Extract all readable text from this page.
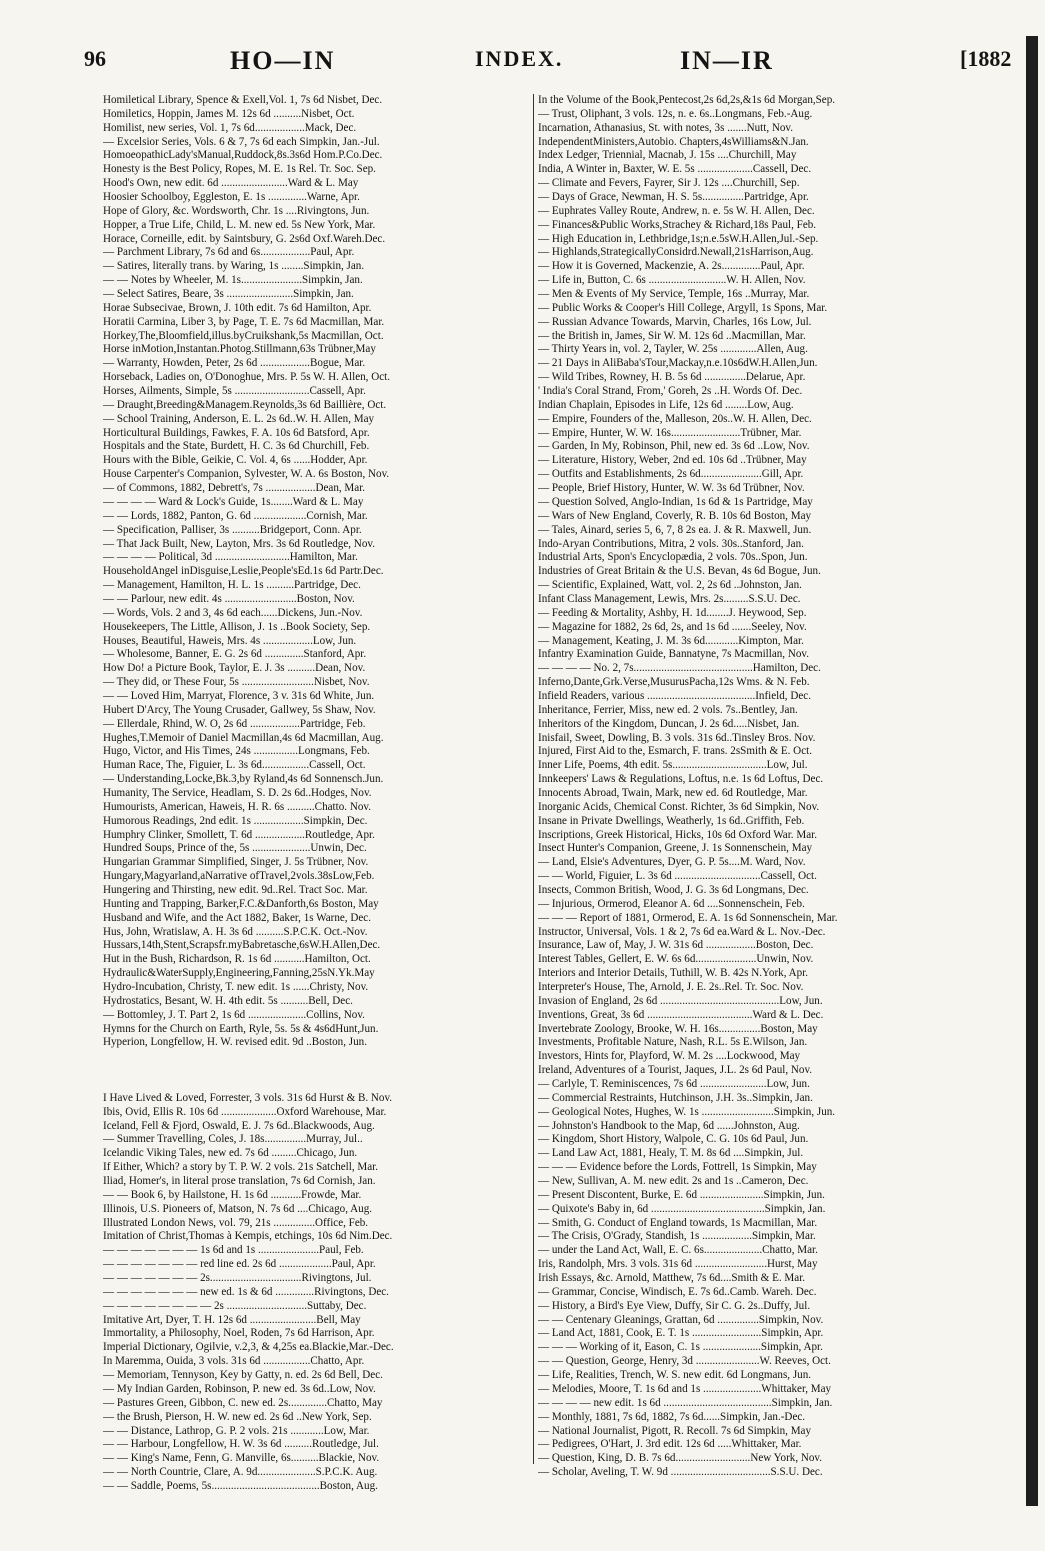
96	HO—IN	INDEX.	IN—IR	[1882
Homiletical Library, Spence & Exell,Vol. 1, 7s 6d Nisbet, Dec.
Homiletics, Hoppin, James M. 12s 6d ..........Nisbet, Oct.
Homilist, new series, Vol. 1, 7s 6d..................Mack, Dec.
— Excelsior Series, Vols. 6 & 7, 7s 6d each Simpkin, Jan.-Jul.
HomoeopathicLady'sManual,Ruddock,8s.3s6d Hom.P.Co.Dec.
Honesty is the Best Policy, Ropes, M. E. 1s Rel. Tr. Soc. Sep.
Hood's Own, new edit. 6d ........................Ward & L. May
Hoosier Schoolboy, Eggleston, E. 1s ..............Warne, Apr.
Hope of Glory, &c. Wordsworth, Chr. 1s ....Rivingtons, Jun.
Hopper, a True Life, Child, L. M. new ed. 5s New York, Mar.
Horace, Corneille, edit. by Saintsbury, G. 2s6d Oxf.Wareh.Dec.
— Parchment Library, 7s 6d and 6s..................Paul, Apr.
— Satires, literally trans. by Waring, 1s ........Simpkin, Jan.
— — Notes by Wheeler, M. 1s......................Simpkin, Jan.
— Select Satires, Beare, 3s ........................Simpkin, Jan.
Horae Subsecivae, Brown, J. 10th edit. 7s 6d Hamilton, Apr.
Horatii Carmina, Liber 3, by Page, T. E. 7s 6d Macmillan, Mar.
Horkey,The,Bloomfield,illus.byCruikshank,5s Macmillan, Oct.
Horse inMotion,Instantan.Photog.Stillmann,63s Trübner,May
— Warranty, Howden, Peter, 2s 6d ..................Bogue, Mar.
Horseback, Ladies on, O'Donoghue, Mrs. P. 5s W. H. Allen, Oct.
Horses, Ailments, Simple, 5s ...........................Cassell, Apr.
— Draught,Breeding&Managem.Reynolds,3s 6d Baillière, Oct.
— School Training, Anderson, E. L. 2s 6d..W. H. Allen, May
Horticultural Buildings, Fawkes, F. A. 10s 6d Batsford, Apr.
Hospitals and the State, Burdett, H. C. 3s 6d Churchill, Feb.
Hours with the Bible, Geikie, C. Vol. 4, 6s ......Hodder, Apr.
House Carpenter's Companion, Sylvester, W. A. 6s Boston, Nov.
— of Commons, 1882, Debrett's, 7s ..................Dean, Mar.
— — — — Ward & Lock's Guide, 1s........Ward & L. May
— — Lords, 1882, Panton, G. 6d ...................Cornish, Mar.
— Specification, Palliser, 3s ..........Bridgeport, Conn. Apr.
— That Jack Built, New, Layton, Mrs. 3s 6d Routledge, Nov.
— — — — Political, 3d ...........................Hamilton, Mar.
HouseholdAngel inDisguise,Leslie,People'sEd.1s 6d Partr.Dec.
— Management, Hamilton, H. L. 1s ..........Partridge, Dec.
— — Parlour, new edit. 4s ..........................Boston, Nov.
— Words, Vols. 2 and 3, 4s 6d each......Dickens, Jun.-Nov.
Housekeepers, The Little, Allison, J. 1s ..Book Society, Sep.
Houses, Beautiful, Haweis, Mrs. 4s ..................Low, Jun.
— Wholesome, Banner, E. G. 2s 6d ..............Stanford, Apr.
How Do! a Picture Book, Taylor, E. J. 3s ..........Dean, Nov.
— They did, or These Four, 5s ..........................Nisbet, Nov.
— — Loved Him, Marryat, Florence, 3 v. 31s 6d White, Jun.
Hubert D'Arcy, The Young Crusader, Gallwey, 5s Shaw, Nov.
— Ellerdale, Rhind, W. O, 2s 6d ..................Partridge, Feb.
Hughes,T.Memoir of Daniel Macmillan,4s 6d Macmillan, Aug.
Hugo, Victor, and His Times, 24s ................Longmans, Feb.
Human Race, The, Figuier, L. 3s 6d.................Cassell, Oct.
— Understanding,Locke,Bk.3,by Ryland,4s 6d Sonnensch.Jun.
Humanity, The Service, Headlam, S. D. 2s 6d..Hodges, Nov.
Humourists, American, Haweis, H. R. 6s ..........Chatto. Nov.
Humorous Readings, 2nd edit. 1s ..................Simpkin, Dec.
Humphry Clinker, Smollett, T. 6d ..................Routledge, Apr.
Hundred Soups, Prince of the, 5s .....................Unwin, Dec.
Hungarian Grammar Simplified, Singer, J. 5s Trübner, Nov.
Hungary,Magyarland,aNarrative ofTravel,2vols.38sLow,Feb.
Hungering and Thirsting, new edit. 9d..Rel. Tract Soc. Mar.
Hunting and Trapping, Barker,F.C.&Danforth,6s Boston, May
Husband and Wife, and the Act 1882, Baker, 1s Warne, Dec.
Hus, John, Wratislaw, A. H. 3s 6d ..........S.P.C.K. Oct.-Nov.
Hussars,14th,Stent,Scrapsfr.myBabretasche,6sW.H.Allen,Dec.
Hut in the Bush, Richardson, R. 1s 6d ...........Hamilton, Oct.
Hydraulic&WaterSupply,Engineering,Fanning,25sN.Yk.May
Hydro-Incubation, Christy, T. new edit. 1s ......Christy, Nov.
Hydrostatics, Besant, W. H. 4th edit. 5s ..........Bell, Dec.
— Bottomley, J. T. Part 2, 1s 6d .....................Collins, Nov.
Hymns for the Church on Earth, Ryle, 5s. 5s & 4s6dHunt,Jun.
Hyperion, Longfellow, H. W. revised edit. 9d ..Boston, Jun.
I Have Lived & Loved, Forrester, 3 vols. 31s 6d Hurst & B. Nov.
Ibis, Ovid, Ellis R. 10s 6d ....................Oxford Warehouse, Mar.
Iceland, Fell & Fjord, Oswald, E. J. 7s 6d..Blackwoods, Aug.
— Summer Travelling, Coles, J. 18s...............Murray, Jul..
Icelandic Viking Tales, new ed. 7s 6d .........Chicago, Jun.
If Either, Which? a story by T. P. W. 2 vols. 21s Satchell, Mar.
Iliad, Homer's, in literal prose translation, 7s 6d Cornish, Jan.
— — Book 6, by Hailstone, H. 1s 6d ...........Frowde, Mar.
Illinois, U.S. Pioneers of, Matson, N. 7s 6d ....Chicago, Aug.
Illustrated London News, vol. 79, 21s ...............Office, Feb.
Imitation of Christ,Thomas à Kempis, etchings, 10s 6d Nim.Dec.
— — — — — — — 1s 6d and 1s ......................Paul, Feb.
— — — — — — — red line ed. 2s 6d ...................Paul, Apr.
— — — — — — — 2s.................................Rivingtons, Jul.
— — — — — — — new ed. 1s & 6d ..............Rivingtons, Dec.
— — — — — — — — 2s .............................Suttaby, Dec.
Imitative Art, Dyer, T. H. 12s 6d ........................Bell, May
Immortality, a Philosophy, Noel, Roden, 7s 6d Harrison, Apr.
Imperial Dictionary, Ogilvie, v.2,3, & 4,25s ea.Blackie,Mar.-Dec.
In Maremma, Ouida, 3 vols. 31s 6d .................Chatto, Apr.
— Memoriam, Tennyson, Key by Gatty, n. ed. 2s 6d Bell, Dec.
— My Indian Garden, Robinson, P. new ed. 3s 6d..Low, Nov.
— Pastures Green, Gibbon, C. new ed. 2s..............Chatto, May
— the Brush, Pierson, H. W. new ed. 2s 6d ..New York, Sep.
— — Distance, Lathrop, G. P. 2 vols. 21s ............Low, Mar.
— — Harbour, Longfellow, H. W. 3s 6d ..........Routledge, Jul.
— — King's Name, Fenn, G. Manville, 6s..........Blackie, Nov.
— — North Countrie, Clare, A. 9d.....................S.P.C.K. Aug.
— — Saddle, Poems, 5s.......................................Boston, Aug.
In the Volume of the Book,Pentecost,2s 6d,2s,&1s 6d Morgan,Sep.
— Trust, Oliphant, 3 vols. 12s, n. e. 6s..Longmans, Feb.-Aug.
Incarnation, Athanasius, St. with notes, 3s .......Nutt, Nov.
IndependentMinisters,Autobio. Chapters,4sWilliams&N.Jan.
Index Ledger, Triennial, Macnab, J. 15s ....Churchill, May
India, A Winter in, Baxter, W. E. 5s ....................Cassell, Dec.
— Climate and Fevers, Fayrer, Sir J. 12s ....Churchill, Sep.
— Days of Grace, Newman, H. S. 5s...............Partridge, Apr.
— Euphrates Valley Route, Andrew, n. e. 5s W. H. Allen, Dec.
— Finances&Public Works,Strachey & Richard,18s Paul, Feb.
— High Education in, Lethbridge,1s;n.e.5sW.H.Allen,Jul.-Sep.
— Highlands,StrategicallyConsidrd.Newall,21sHarrison,Aug.
— How it is Governed, Mackenzie, A. 2s..............Paul, Apr.
— Life in, Button, C. 6s ............................W. H. Allen, Nov.
— Men & Events of My Service, Temple, 16s ..Murray, Mar.
— Public Works & Cooper's Hill College, Argyll, 1s Spons, Mar.
— Russian Advance Towards, Marvin, Charles, 16s Low, Jul.
— the British in, James, Sir W. M. 12s 6d ..Macmillan, Mar.
— Thirty Years in, vol. 2, Tayler, W. 25s .............Allen, Aug.
— 21 Days in AliBaba'sTour,Mackay,n.e.10s6dW.H.Allen,Jun.
— Wild Tribes, Rowney, H. B. 5s 6d ...............Delarue, Apr.
' India's Coral Strand, From,' Goreh, 2s ..H. Words Of. Dec.
Indian Chaplain, Episodes in Life, 12s 6d ........Low, Aug.
— Empire, Founders of the, Malleson, 20s..W. H. Allen, Dec.
— Empire, Hunter, W. W. 16s.........................Trübner, Mar.
— Garden, In My, Robinson, Phil, new ed. 3s 6d ..Low, Nov.
— Literature, History, Weber, 2nd ed. 10s 6d ..Trübner, May
— Outfits and Establishments, 2s 6d......................Gill, Apr.
— People, Brief History, Hunter, W. W. 3s 6d Trübner, Nov.
— Question Solved, Anglo-Indian, 1s 6d & 1s Partridge, May
— Wars of New England, Coverly, R. B. 10s 6d Boston, May
— Tales, Ainard, series 5, 6, 7, 8 2s ea. J. & R. Maxwell, Jun.
Indo-Aryan Contributions, Mitra, 2 vols. 30s..Stanford, Jan.
Industrial Arts, Spon's Encyclopædia, 2 vols. 70s..Spon, Jun.
Industries of Great Britain & the U.S. Bevan, 4s 6d Bogue, Jun.
— Scientific, Explained, Watt, vol. 2, 2s 6d ..Johnston, Jan.
Infant Class Management, Lewis, Mrs. 2s.........S.S.U. Dec.
— Feeding & Mortality, Ashby, H. 1d........J. Heywood, Sep.
— Magazine for 1882, 2s 6d, 2s, and 1s 6d .......Seeley, Nov.
— Management, Keating, J. M. 3s 6d............Kimpton, Mar.
Infantry Examination Guide, Bannatyne, 7s Macmillan, Nov.
— — — — No. 2, 7s...........................................Hamilton, Dec.
Inferno,Dante,Grk.Verse,MusurusPacha,12s Wms. & N. Feb.
Infield Readers, various .......................................Infield, Dec.
Inheritance, Ferrier, Miss, new ed. 2 vols. 7s..Bentley, Jan.
Inheritors of the Kingdom, Duncan, J. 2s 6d.....Nisbet, Jan.
Inisfail, Sweet, Dowling, B. 3 vols. 31s 6d..Tinsley Bros. Nov.
Injured, First Aid to the, Esmarch, F. trans. 2sSmith & E. Oct.
Inner Life, Poems, 4th edit. 5s..................................Low, Jul.
Innkeepers' Laws & Regulations, Loftus, n.e. 1s 6d Loftus, Dec.
Innocents Abroad, Twain, Mark, new ed. 6d Routledge, Mar.
Inorganic Acids, Chemical Const. Richter, 3s 6d Simpkin, Nov.
Insane in Private Dwellings, Weatherly, 1s 6d..Griffith, Feb.
Inscriptions, Greek Historical, Hicks, 10s 6d Oxford War. Mar.
Insect Hunter's Companion, Greene, J. 1s Sonnenschein, May
— Land, Elsie's Adventures, Dyer, G. P. 5s....M. Ward, Nov.
— — World, Figuier, L. 3s 6d ...............................Cassell, Oct.
Insects, Common British, Wood, J. G. 3s 6d Longmans, Dec.
— Injurious, Ormerod, Eleanor A. 6d ....Sonnenschein, Feb.
— — — Report of 1881, Ormerod, E. A. 1s 6d Sonnenschein, Mar.
Instructor, Universal, Vols. 1 & 2, 7s 6d ea.Ward & L. Nov.-Dec.
Insurance, Law of, May, J. W. 31s 6d ..................Boston, Dec.
Interest Tables, Gellert, E. W. 6s 6d......................Unwin, Nov.
Interiors and Interior Details, Tuthill, W. B. 42s N.York, Apr.
Interpreter's House, The, Arnold, J. E. 2s..Rel. Tr. Soc. Nov.
Invasion of England, 2s 6d ...........................................Low, Jun.
Inventions, Great, 3s 6d ......................................Ward & L. Dec.
Invertebrate Zoology, Brooke, W. H. 16s...............Boston, May
Investments, Profitable Nature, Nash, R.L. 5s E.Wilson, Jan.
Investors, Hints for, Playford, W. M. 2s ....Lockwood, May
Ireland, Adventures of a Tourist, Jaques, J.L. 2s 6d Paul, Nov.
— Carlyle, T. Reminiscences, 7s 6d ........................Low, Jun.
— Commercial Restraints, Hutchinson, J.H. 3s..Simpkin, Jan.
— Geological Notes, Hughes, W. 1s ..........................Simpkin, Jun.
— Johnston's Handbook to the Map, 6d ......Johnston, Aug.
— Kingdom, Short History, Walpole, C. G. 10s 6d Paul, Jun.
— Land Law Act, 1881, Healy, T. M. 8s 6d ....Simpkin, Jul.
— — — Evidence before the Lords, Fottrell, 1s Simpkin, May
— New, Sullivan, A. M. new edit. 2s and 1s ..Cameron, Dec.
— Present Discontent, Burke, E. 6d .......................Simpkin, Jun.
— Quixote's Baby in, 6d .........................................Simpkin, Jan.
— Smith, G. Conduct of England towards, 1s Macmillan, Mar.
— The Crisis, O'Grady, Standish, 1s ..................Simpkin, Mar.
— under the Land Act, Wall, E. C. 6s.....................Chatto, Mar.
Iris, Randolph, Mrs. 3 vols. 31s 6d ..........................Hurst, May
Irish Essays, &c. Arnold, Matthew, 7s 6d....Smith & E. Mar.
— Grammar, Concise, Windisch, E. 7s 6d..Camb. Wareh. Dec.
— History, a Bird's Eye View, Duffy, Sir C. G. 2s..Duffy, Jul.
— — Centenary Gleanings, Grattan, 6d ...............Simpkin, Nov.
— Land Act, 1881, Cook, E. T. 1s .........................Simpkin, Apr.
— — — Working of it, Eason, C. 1s .....................Simpkin, Apr.
— — Question, George, Henry, 3d .......................W. Reeves, Oct.
— Life, Realities, Trench, W. S. new edit. 6d Longmans, Jun.
— Melodies, Moore, T. 1s 6d and 1s .....................Whittaker, May
— — — — new edit. 1s 6d .......................................Simpkin, Jan.
— Monthly, 1881, 7s 6d, 1882, 7s 6d......Simpkin, Jan.-Dec.
— National Journalist, Pigott, R. Recoll. 7s 6d Simpkin, May
— Pedigrees, O'Hart, J. 3rd edit. 12s 6d .....Whittaker, Mar.
— Question, King, D. B. 7s 6d...........................New York, Nov.
— Scholar, Aveling, T. W. 9d ....................................S.S.U. Dec.
